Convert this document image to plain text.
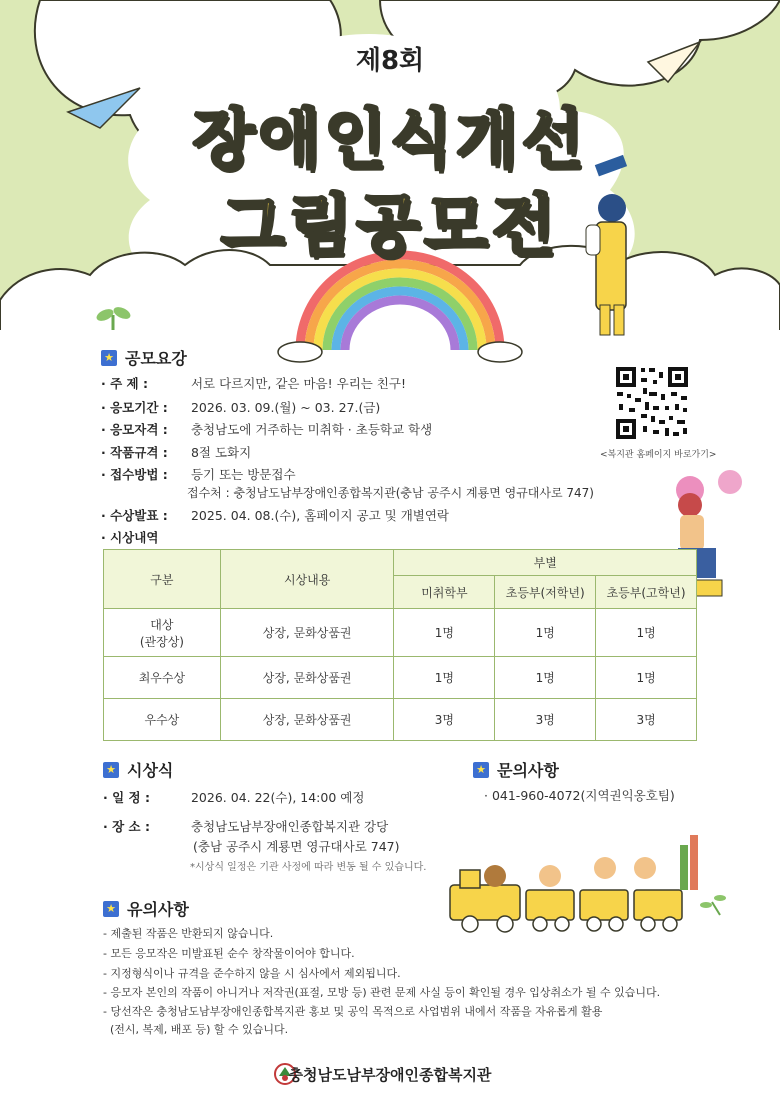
제8회
장애인식개선
그림공모전
★ 공모요강
· 주 제 :	서로 다르지만, 같은 마음! 우리는 친구!
· 응모기간 : 2026. 03. 09.(월) ~ 03. 27.(금)
· 응모자격 : 충청남도에 거주하는 미취학 · 초등학교 학생
· 작품규격 : 8절 도화지
· 접수방법 : 등기 또는 방문접수
접수처 : 충청남도남부장애인종합복지관(충남 공주시 계룡면 영규대사로 747)
· 수상발표 : 2025. 04. 08.(수), 홈페이지 공고 및 개별연락
· 시상내역
<복지관 홈페이지 바로가기>
구분	시상내용	부별		
		미취학부	초등부(저학년)	초등부(고학년)

대상
(관장상)	상장, 문화상품권	1명	1명	1명
최우수상	상장, 문화상품권	1명	1명	1명
우수상	상장, 문화상품권	3명	3명	3명
★ 시상식
· 일 정 :	2026. 04. 22(수), 14:00 예정
· 장 소 :	충청남도남부장애인종합복지관 강당
(충남 공주시 계룡면 영규대사로 747)
*시상식 일정은 기관 사정에 따라 변동 될 수 있습니다.
★ 문의사항
· 041-960-4072(지역권익옹호팀)
★ 유의사항
- 제출된 작품은 반환되지 않습니다.
- 모든 응모작은 미발표된 순수 창작물이어야 합니다.
- 지정형식이나 규격을 준수하지 않을 시 심사에서 제외됩니다.
- 응모자 본인의 작품이 아니거나 저작권(표절, 모방 등) 관련 문제 사실 등이 확인될 경우 입상취소가 될 수 있습니다.
- 당선작은 충청남도남부장애인종합복지관 홍보 및 공익 목적으로 사업범위 내에서 작품을 자유롭게 활용
(전시, 복제, 배포 등) 할 수 있습니다.
충청남도남부장애인종합복지관
